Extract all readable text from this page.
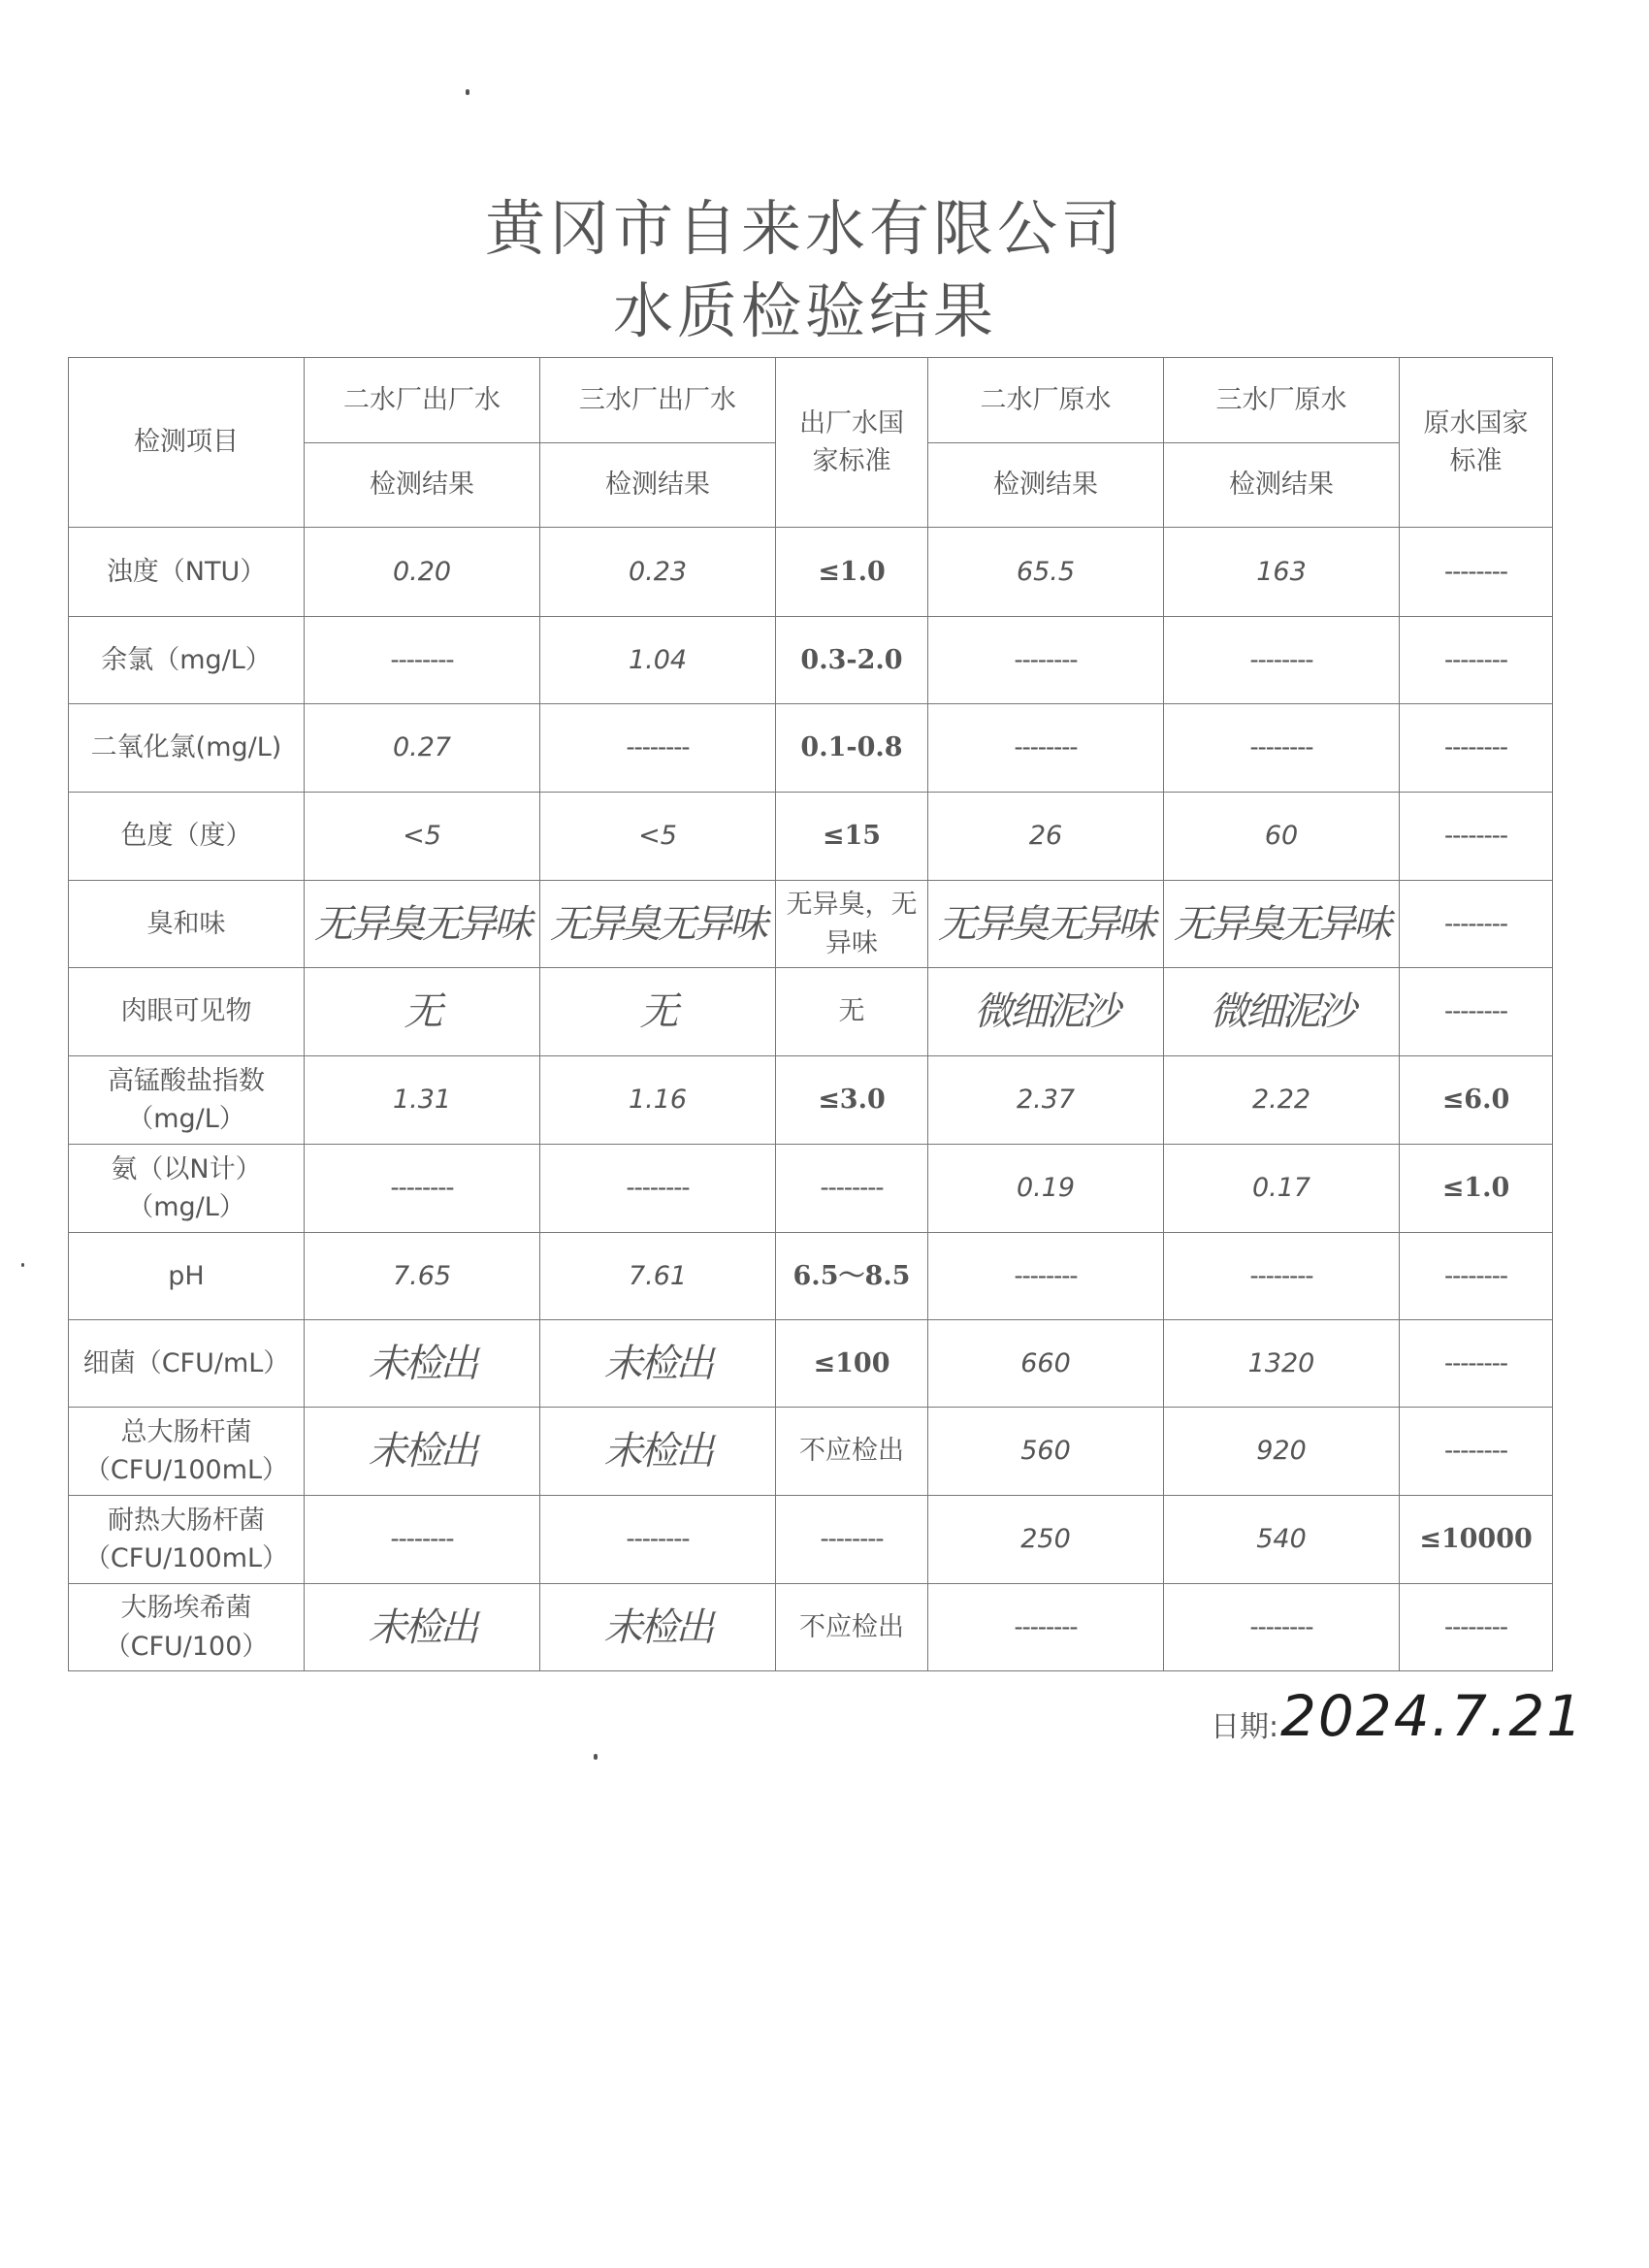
黄冈市自来水有限公司
水质检验结果
检测项目	二水厂出厂水	三水厂出厂水	出厂水国家标准	二水厂原水	三水厂原水	原水国家标准
	检测结果	检测结果		检测结果	检测结果	
浊度（NTU）	0.20	0.23	≤1.0	65.5	163	--------
余氯（mg/L）	--------	1.04	0.3-2.0	--------	--------	--------
二氧化氯(mg/L)	0.27	--------	0.1-0.8	--------	--------	--------
色度（度）	<5	<5	≤15	26	60	--------
臭和味	无异臭无异味	无异臭无异味	无异臭，无异味	无异臭无异味	无异臭无异味	--------
肉眼可见物	无	无	无	微细泥沙	微细泥沙	--------
高锰酸盐指数（mg/L）	1.31	1.16	≤3.0	2.37	2.22	≤6.0
氨（以N计）（mg/L）	--------	--------	--------	0.19	0.17	≤1.0
pH	7.65	7.61	6.5～8.5	--------	--------	--------
细菌（CFU/mL）	未检出	未检出	≤100	660	1320	--------
总大肠杆菌（CFU/100mL）	未检出	未检出	不应检出	560	920	--------
耐热大肠杆菌（CFU/100mL）	--------	--------	--------	250	540	≤10000
大肠埃希菌（CFU/100）	未检出	未检出	不应检出	--------	--------	--------
日期: 2024.7.21
